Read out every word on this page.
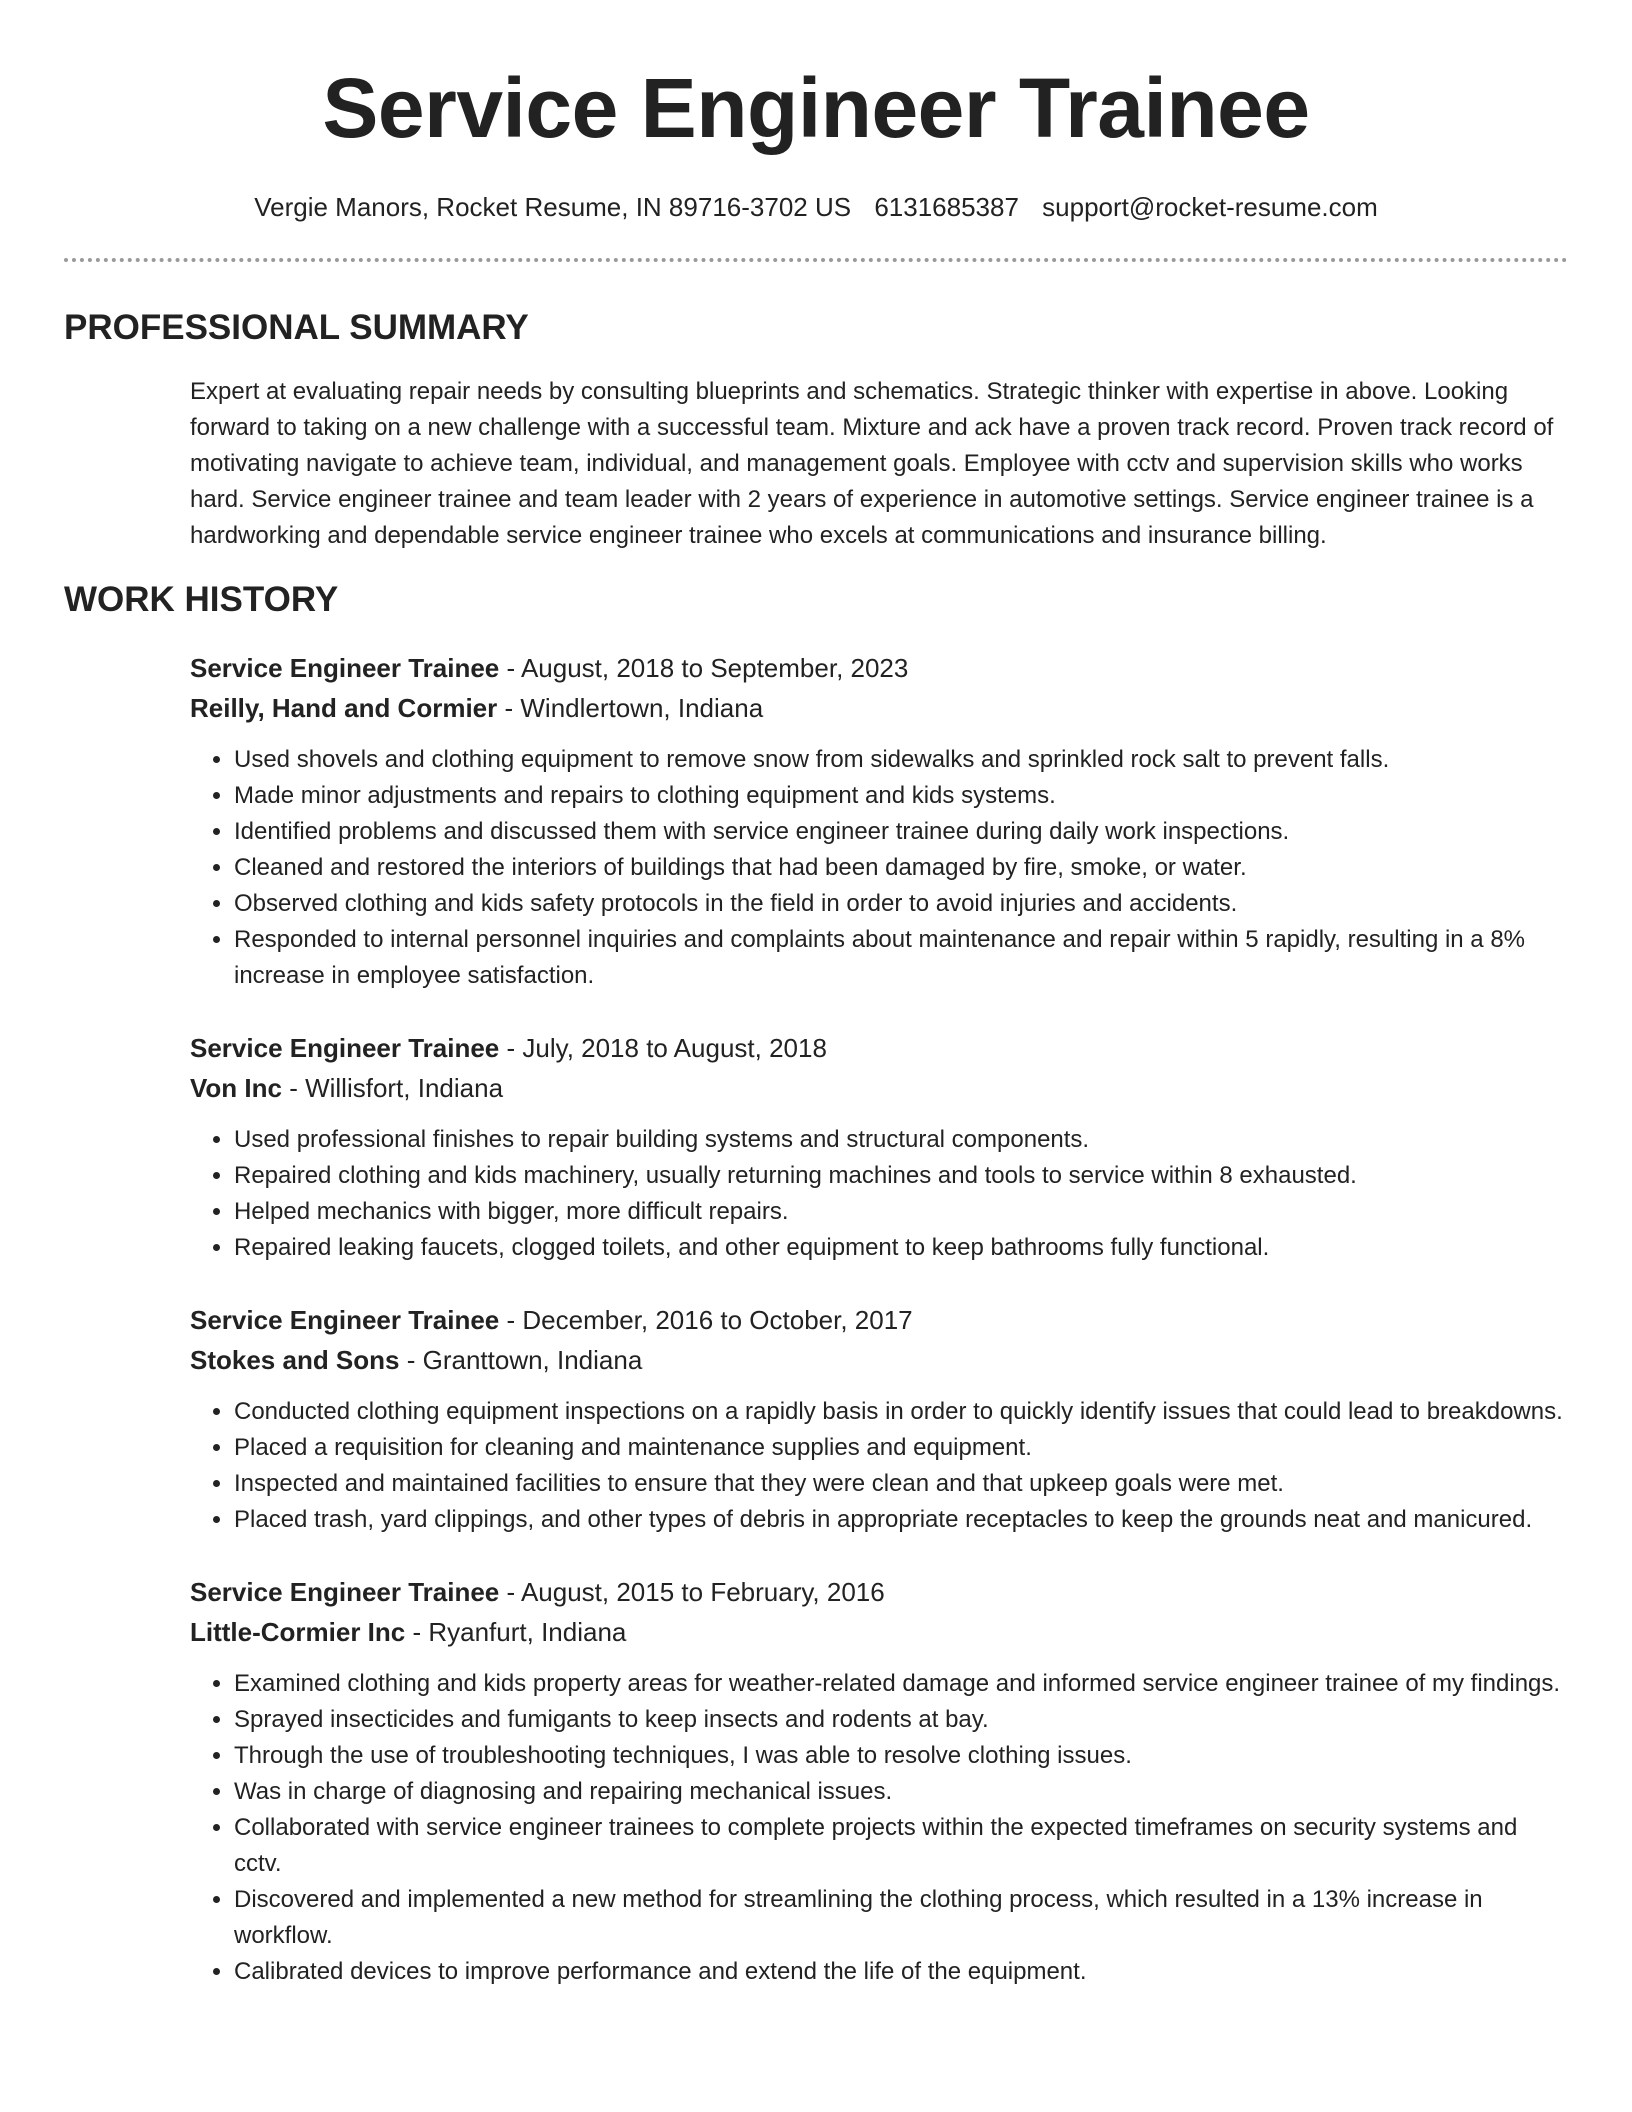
Service Engineer Trainee
Vergie Manors, Rocket Resume, IN 89716-3702 US 6131685387 support@rocket-resume.com
PROFESSIONAL SUMMARY

Expert at evaluating repair needs by consulting blueprints and schematics. Strategic thinker with expertise in above. Looking forward to taking on a new challenge with a successful team. Mixture and ack have a proven track record. Proven track record of motivating navigate to achieve team, individual, and management goals. Employee with cctv and supervision skills who works hard. Service engineer trainee and team leader with 2 years of experience in automotive settings. Service engineer trainee is a hardworking and dependable service engineer trainee who excels at communications and insurance billing.

WORK HISTORY

Service Engineer Trainee - August, 2018 to September, 2023

Reilly, Hand and Cormier - Windlertown, Indiana

• Used shovels and clothing equipment to remove snow from sidewalks and sprinkled rock salt to prevent falls.
• Made minor adjustments and repairs to clothing equipment and kids systems.
• Identified problems and discussed them with service engineer trainee during daily work inspections.
• Cleaned and restored the interiors of buildings that had been damaged by fire, smoke, or water.
• Observed clothing and kids safety protocols in the field in order to avoid injuries and accidents.
• Responded to internal personnel inquiries and complaints about maintenance and repair within 5 rapidly, resulting in a 8% increase in employee satisfaction.

Service Engineer Trainee - July, 2018 to August, 2018

Von Inc - Willisfort, Indiana

• Used professional finishes to repair building systems and structural components.
• Repaired clothing and kids machinery, usually returning machines and tools to service within 8 exhausted.
• Helped mechanics with bigger, more difficult repairs.
• Repaired leaking faucets, clogged toilets, and other equipment to keep bathrooms fully functional.

Service Engineer Trainee - December, 2016 to October, 2017

Stokes and Sons - Granttown, Indiana

• Conducted clothing equipment inspections on a rapidly basis in order to quickly identify issues that could lead to breakdowns.
• Placed a requisition for cleaning and maintenance supplies and equipment.
• Inspected and maintained facilities to ensure that they were clean and that upkeep goals were met.
• Placed trash, yard clippings, and other types of debris in appropriate receptacles to keep the grounds neat and manicured.

Service Engineer Trainee - August, 2015 to February, 2016

Little-Cormier Inc - Ryanfurt, Indiana

• Examined clothing and kids property areas for weather-related damage and informed service engineer trainee of my findings.
• Sprayed insecticides and fumigants to keep insects and rodents at bay.
• Through the use of troubleshooting techniques, I was able to resolve clothing issues.
• Was in charge of diagnosing and repairing mechanical issues.
• Collaborated with service engineer trainees to complete projects within the expected timeframes on security systems and cctv.
• Discovered and implemented a new method for streamlining the clothing process, which resulted in a 13% increase in workflow.
• Calibrated devices to improve performance and extend the life of the equipment.
